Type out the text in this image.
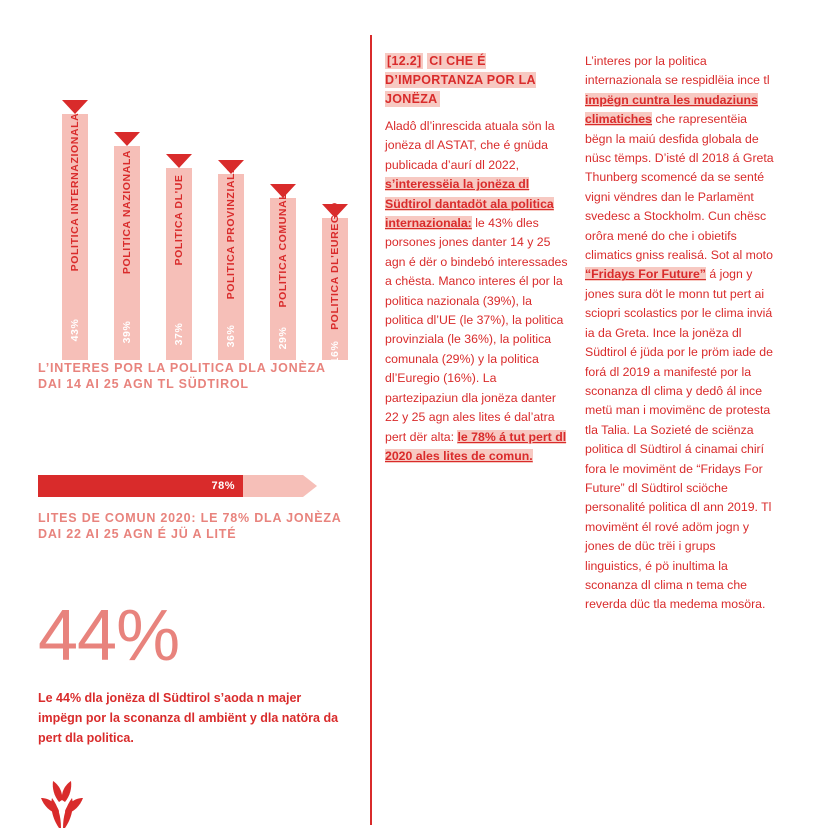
POLITICA INTERNAZIONALA
43%
POLITICA NAZIONALA
39%
POLITICA DL'UE
37%
POLITICA PROVINZIALA
36%
POLITICA COMUNALA
29%
POLITICA DL'EUREGIO
16%
L’INTERES POR LA POLITICA DLA JONÈZA DAI 14 AI 25 AGN TL SÜDTIROL
78%
LITES DE COMUN 2020: LE 78% DLA JONÈZA DAI 22 AI 25 AGN É JÜ A LITÉ
44%
Le 44% dla jonëza dl Südtirol s’aoda n majer impëgn por la sconanza dl ambiënt y dla natöra da pert dla politica.
[12.2] CI CHE É D’IMPORTANZA POR LA JONËZA

Aladô dl’inrescida atuala sön la jonëza dl ASTAT, che é gnüda publicada d’aurí dl 2022, s’interessëia la jonëza dl Südtirol dantadöt ala politica internazionala: le 43% dles porsones jones danter 14 y 25 agn é dër o bindebó interessades a chësta. Manco interes él por la politica nazionala (39%), la politica dl’UE (le 37%), la politica provinziala (le 36%), la politica comunala (29%) y la politica dl’Euregio (16%). La partezipaziun dla jonëza danter 22 y 25 agn ales lites é dal’atra pert dër alta: le 78% á tut pert dl 2020 ales lites de comun.

L’interes por la politica internazionala se respidlëia ince tl impëgn cuntra les mudaziuns climatiches che rapresentëia bëgn la maiú desfida globala de nüsc tëmps. D’isté dl 2018 á Greta Thunberg scomencé da se senté vigni vëndres dan le Parlamënt svedesc a Stockholm. Cun chësc orôra mené do che i obietifs climatics gniss realisá. Sot al moto “Fridays For Future” á jogn y jones sura döt le monn tut pert ai sciopri scolastics por le clima inviá ia da Greta. Ince la jonëza dl Südtirol é jüda por le pröm iade de forá dl 2019 a manifesté por la sconanza dl clima y dedô ál ince metü man i movimënc de protesta tla Talia. La Sozieté de sciënza politica dl Südtirol á cinamai chirí fora le movimënt de “Fridays For Future” dl Südtirol sciöche personalité politica dl ann 2019. Tl movimënt él rové adöm jogn y jones de düc trëi i grups linguistics, é pö inultima la sconanza dl clima n tema che reverda düc tla medema mosöra.
